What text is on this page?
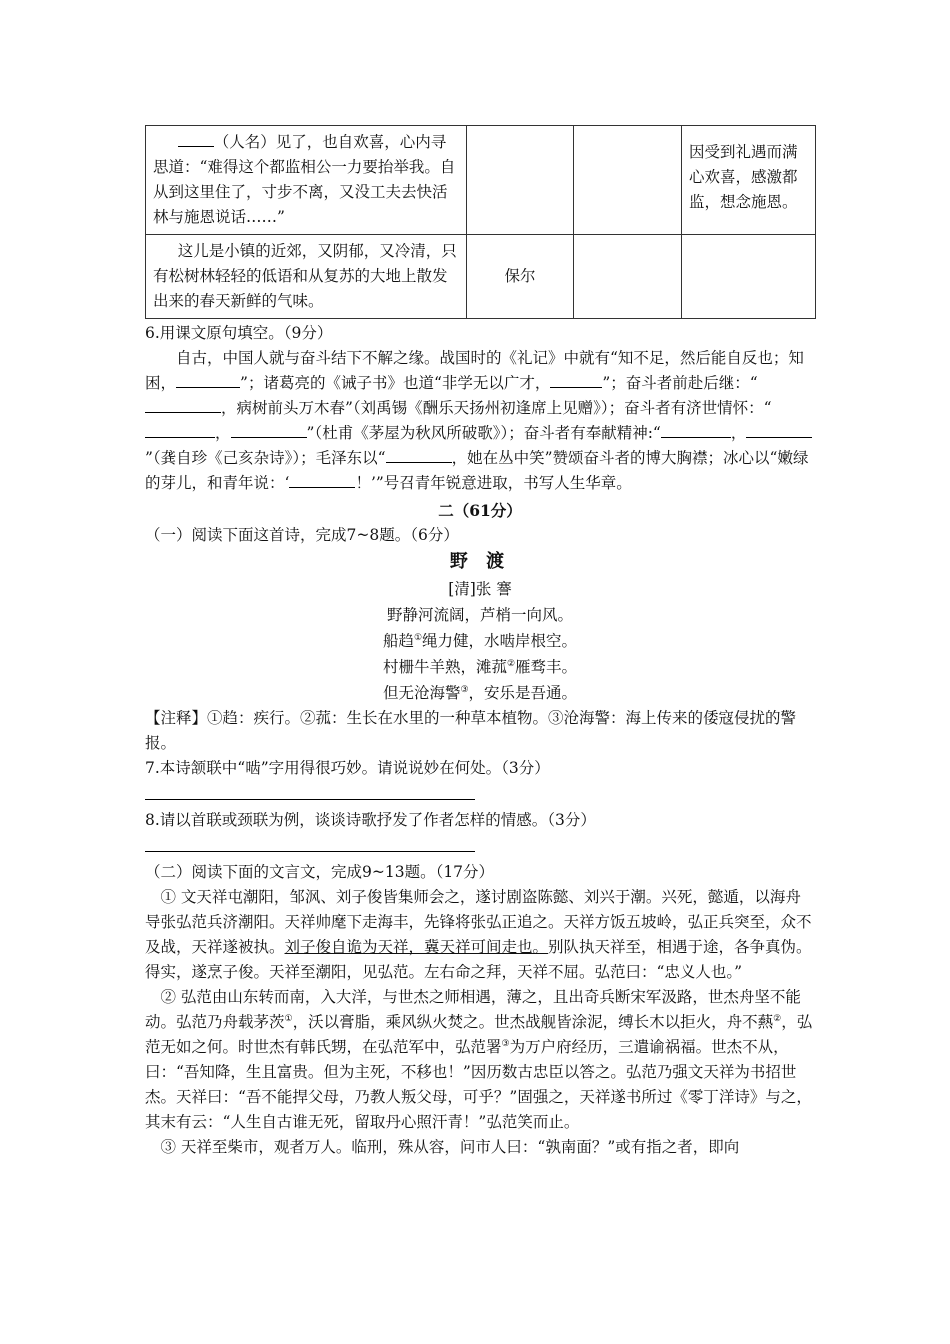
（人名）见了，也自欢喜，心内寻思道：“难得这个都监相公一力要抬举我。自从到这里住了，寸步不离，又没工夫去快活林与施恩说话……”			因受到礼遇而满心欢喜，感激都监，想念施恩。

这儿是小镇的近郊，又阴郁，又冷清，只有松树林轻轻的低语和从复苏的大地上散发出来的春天新鲜的气味。	保尔		

6.用课文原句填空。（9分）

自古，中国人就与奋斗结下不解之缘。战国时的《礼记》中就有“知不足，然后能自反也；知困，	”；诸葛亮的《诫子书》也道“非学无以广才，	”；奋斗者前赴后继：“，病树前头万木春”（刘禹锡《酬乐天扬州初逢席上见赠》）；奋斗者有济世情怀：“，	”（杜甫《茅屋为秋风所破歌》）；奋斗者有奉献精神:“	，”（龚自珍《己亥杂诗》）；毛泽东以“	，她在丛中笑”赞颂奋斗者的博大胸襟；冰心以“嫩绿的芽儿，和青年说：‘	！’”号召青年锐意进取，书写人生华章。

二（61分）

（一）阅读下面这首诗，完成7~8题。（6分）

野 渡
[清]张 謇
野静河流阔，芦梢一向风。
船趋①绳力健，水啮岸根空。
村栅牛羊熟，滩菰②雁骛丰。
但无沧海警③，安乐是吾通。

【注释】①趋：疾行。②菰：生长在水里的一种草本植物。③沧海警：海上传来的倭寇侵扰的警报。

7.本诗颔联中“啮”字用得很巧妙。请说说妙在何处。（3分）

8.请以首联或颈联为例，谈谈诗歌抒发了作者怎样的情感。（3分）

（二）阅读下面的文言文，完成9~13题。（17分）

① 文天祥屯潮阳，邹沨、刘子俊皆集师会之，遂讨剧盗陈懿、刘兴于潮。兴死，懿遁，以海舟导张弘范兵济潮阳。天祥帅麾下走海丰，先锋将张弘正追之。天祥方饭五坡岭，弘正兵突至，众不及战，天祥遂被执。刘子俊自诡为天祥，冀天祥可间走也。别队执天祥至，相遇于途，各争真伪。得实，遂烹子俊。天祥至潮阳，见弘范。左右命之拜，天祥不屈。弘范曰：“忠义人也。”

② 弘范由山东转而南，入大洋，与世杰之师相遇，薄之，且出奇兵断宋军汲路，世杰舟坚不能动。弘范乃舟载茅茨①，沃以膏脂，乘风纵火焚之。世杰战舰皆涂泥，缚长木以拒火，舟不爇②，弘范无如之何。时世杰有韩氏甥，在弘范军中，弘范署③为万户府经历，三遣谕祸福。世杰不从，曰：“吾知降，生且富贵。但为主死，不移也！”因历数古忠臣以答之。弘范乃强文天祥为书招世杰。天祥曰：“吾不能捍父母，乃教人叛父母，可乎？”固强之，天祥遂书所过《零丁洋诗》与之，其末有云：“人生自古谁无死，留取丹心照汗青！”弘范笑而止。

③ 天祥至柴市，观者万人。临刑，殊从容，问市人曰：“孰南面？”或有指之者，即向
